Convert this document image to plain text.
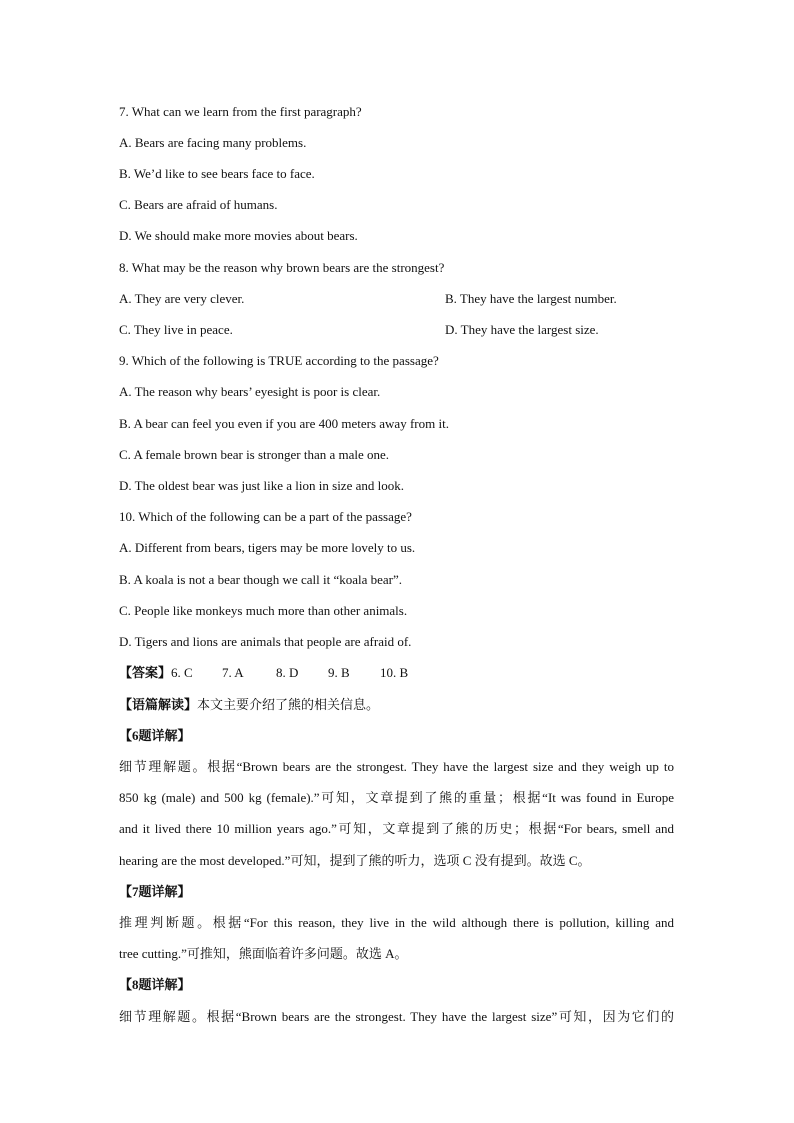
7. What can we learn from the first paragraph?
A. Bears are facing many problems.
B. We’d like to see bears face to face.
C. Bears are afraid of humans.
D. We should make more movies about bears.
8. What may be the reason why brown bears are the strongest?
A. They are very clever.	B. They have the largest number.
C. They live in peace.	D. They have the largest size.
9. Which of the following is TRUE according to the passage?
A. The reason why bears’ eyesight is poor is clear.
B. A bear can feel you even if you are 400 meters away from it.
C. A female brown bear is stronger than a male one.
D. The oldest bear was just like a lion in size and look.
10. Which of the following can be a part of the passage?
A. Different from bears, tigers may be more lovely to us.
B. A koala is not a bear though we call it “koala bear”.
C. People like monkeys much more than other animals.
D. Tigers and lions are animals that people are afraid of.
【答案】6. C 7. A 8. D 9. B 10. B
【语篇解读】本文主要介绍了熊的相关信息。
【6题详解】
细节理解题。根据“Brown bears are the strongest. They have the largest size and they weigh up to
850 kg (male) and 500 kg (female).”可知，文章提到了熊的重量；根据“It was found in Europe
and it lived there 10 million years ago.”可知，文章提到了熊的历史；根据“For bears, smell and
hearing are the most developed.”可知，提到了熊的听力，选项 C 没有提到。故选 C。
【7题详解】
推理判断题。根据“For this reason, they live in the wild although there is pollution, killing and
tree cutting.”可推知，熊面临着许多问题。故选 A。
【8题详解】
细节理解题。根据“Brown bears are the strongest. They have the largest size”可知，因为它们的
